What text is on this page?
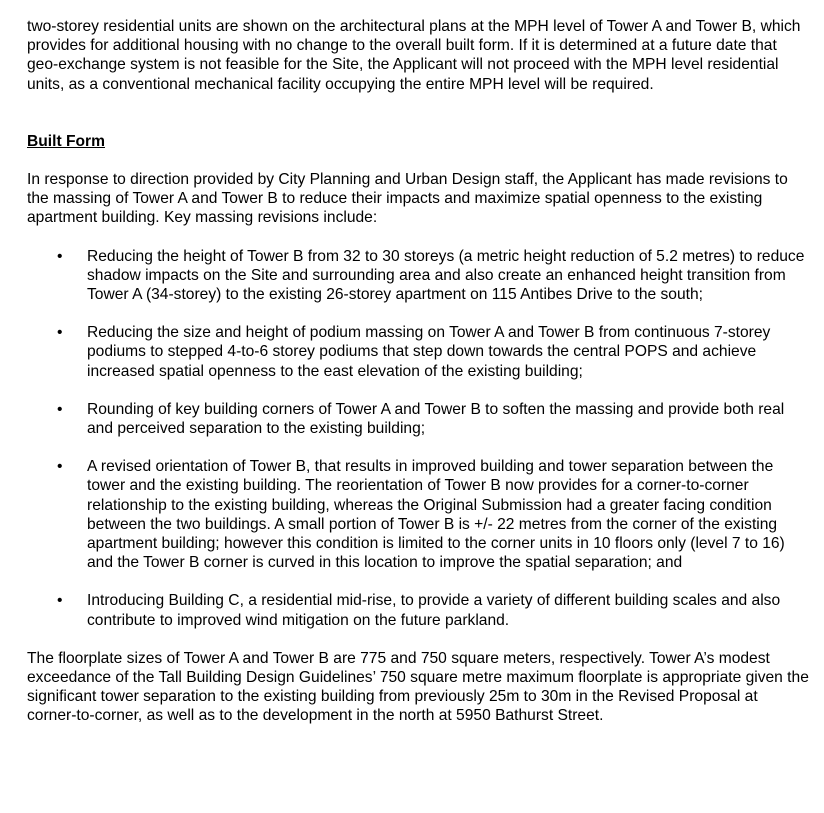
two-storey residential units are shown on the architectural plans at the MPH level of Tower A and Tower B, which provides for additional housing with no change to the overall built form. If it is determined at a future date that geo-exchange system is not feasible for the Site, the Applicant will not proceed with the MPH level residential units, as a conventional mechanical facility occupying the entire MPH level will be required.

Built Form

In response to direction provided by City Planning and Urban Design staff, the Applicant has made revisions to the massing of Tower A and Tower B to reduce their impacts and maximize spatial openness to the existing apartment building. Key massing revisions include:

• Reducing the height of Tower B from 32 to 30 storeys (a metric height reduction of 5.2 metres) to reduce shadow impacts on the Site and surrounding area and also create an enhanced height transition from Tower A (34-storey) to the existing 26-storey apartment on 115 Antibes Drive to the south;
• Reducing the size and height of podium massing on Tower A and Tower B from continuous 7-storey podiums to stepped 4-to-6 storey podiums that step down towards the central POPS and achieve increased spatial openness to the east elevation of the existing building;
• Rounding of key building corners of Tower A and Tower B to soften the massing and provide both real and perceived separation to the existing building;
• A revised orientation of Tower B, that results in improved building and tower separation between the tower and the existing building. The reorientation of Tower B now provides for a corner-to-corner relationship to the existing building, whereas the Original Submission had a greater facing condition between the two buildings. A small portion of Tower B is +/- 22 metres from the corner of the existing apartment building; however this condition is limited to the corner units in 10 floors only (level 7 to 16) and the Tower B corner is curved in this location to improve the spatial separation; and
• Introducing Building C, a residential mid-rise, to provide a variety of different building scales and also contribute to improved wind mitigation on the future parkland.

The floorplate sizes of Tower A and Tower B are 775 and 750 square meters, respectively. Tower A’s modest exceedance of the Tall Building Design Guidelines’ 750 square metre maximum floorplate is appropriate given the significant tower separation to the existing building from previously 25m to 30m in the Revised Proposal at corner-to-corner, as well as to the development in the north at 5950 Bathurst Street.
